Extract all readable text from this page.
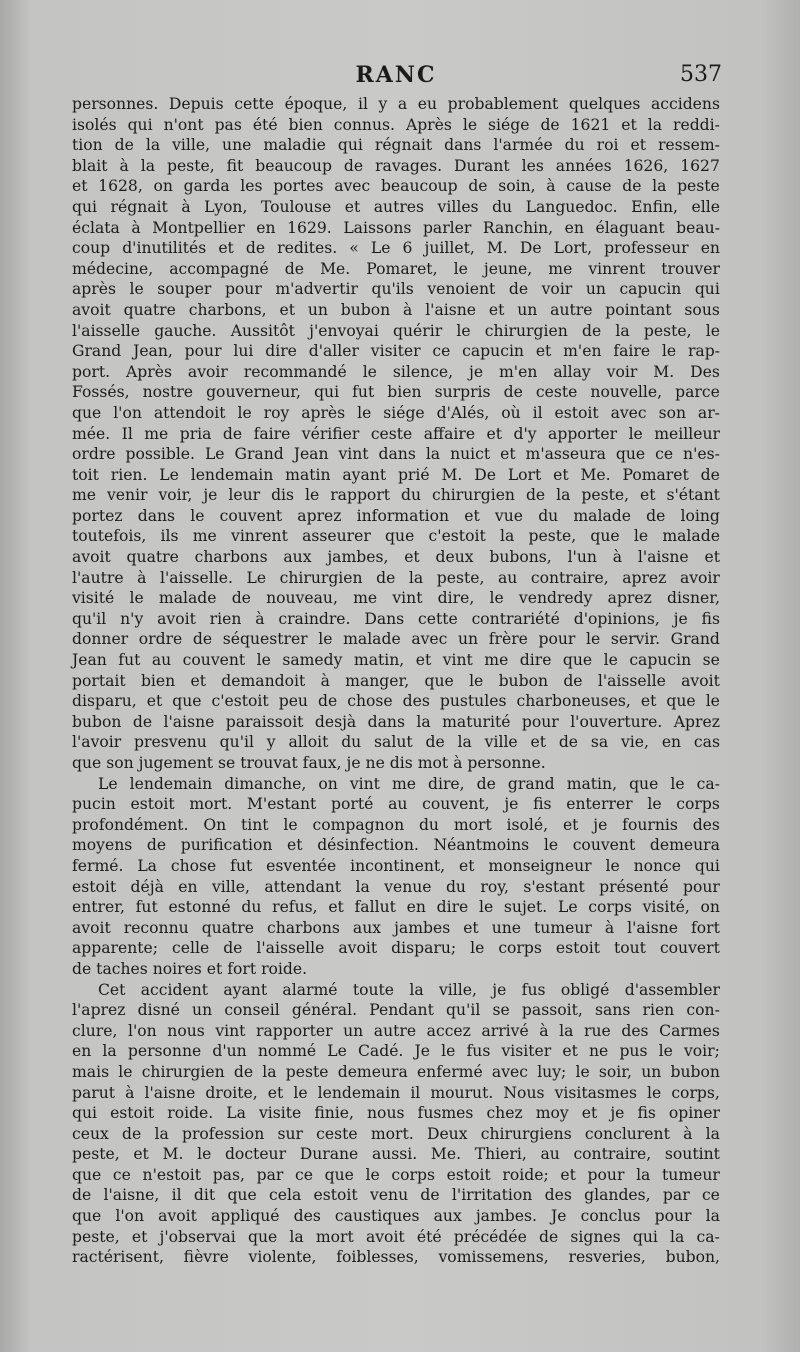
RANC	537
personnes. Depuis cette époque, il y a eu probablement quelques accidens
isolés qui n'ont pas été bien connus. Après le siége de 1621 et la reddi-
tion de la ville, une maladie qui régnait dans l'armée du roi et ressem-
blait à la peste, fit beaucoup de ravages. Durant les années 1626, 1627
et 1628, on garda les portes avec beaucoup de soin, à cause de la peste
qui régnait à Lyon, Toulouse et autres villes du Languedoc. Enfin, elle
éclata à Montpellier en 1629. Laissons parler Ranchin, en élaguant beau-
coup d'inutilités et de redites. « Le 6 juillet, M. De Lort, professeur en
médecine, accompagné de Me. Pomaret, le jeune, me vinrent trouver
après le souper pour m'advertir qu'ils venoient de voir un capucin qui
avoit quatre charbons, et un bubon à l'aisne et un autre pointant sous
l'aisselle gauche. Aussitôt j'envoyai quérir le chirurgien de la peste, le
Grand Jean, pour lui dire d'aller visiter ce capucin et m'en faire le rap-
port. Après avoir recommandé le silence, je m'en allay voir M. Des
Fossés, nostre gouverneur, qui fut bien surpris de ceste nouvelle, parce
que l'on attendoit le roy après le siége d'Alés, où il estoit avec son ar-
mée. Il me pria de faire vérifier ceste affaire et d'y apporter le meilleur
ordre possible. Le Grand Jean vint dans la nuict et m'asseura que ce n'es-
toit rien. Le lendemain matin ayant prié M. De Lort et Me. Pomaret de
me venir voir, je leur dis le rapport du chirurgien de la peste, et s'étant
portez dans le couvent aprez information et vue du malade de loing
toutefois, ils me vinrent asseurer que c'estoit la peste, que le malade
avoit quatre charbons aux jambes, et deux bubons, l'un à l'aisne et
l'autre à l'aisselle. Le chirurgien de la peste, au contraire, aprez avoir
visité le malade de nouveau, me vint dire, le vendredy aprez disner,
qu'il n'y avoit rien à craindre. Dans cette contrariété d'opinions, je fis
donner ordre de séquestrer le malade avec un frère pour le servir. Grand
Jean fut au couvent le samedy matin, et vint me dire que le capucin se
portait bien et demandoit à manger, que le bubon de l'aisselle avoit
disparu, et que c'estoit peu de chose des pustules charboneuses, et que le
bubon de l'aisne paraissoit desjà dans la maturité pour l'ouverture. Aprez
l'avoir presvenu qu'il y alloit du salut de la ville et de sa vie, en cas
que son jugement se trouvat faux, je ne dis mot à personne.
Le lendemain dimanche, on vint me dire, de grand matin, que le ca-
pucin estoit mort. M'estant porté au couvent, je fis enterrer le corps
profondément. On tint le compagnon du mort isolé, et je fournis des
moyens de purification et désinfection. Néantmoins le couvent demeura
fermé. La chose fut esventée incontinent, et monseigneur le nonce qui
estoit déjà en ville, attendant la venue du roy, s'estant présenté pour
entrer, fut estonné du refus, et fallut en dire le sujet. Le corps visité, on
avoit reconnu quatre charbons aux jambes et une tumeur à l'aisne fort
apparente; celle de l'aisselle avoit disparu; le corps estoit tout couvert
de taches noires et fort roide.
Cet accident ayant alarmé toute la ville, je fus obligé d'assembler
l'aprez disné un conseil général. Pendant qu'il se passoit, sans rien con-
clure, l'on nous vint rapporter un autre accez arrivé à la rue des Carmes
en la personne d'un nommé Le Cadé. Je le fus visiter et ne pus le voir;
mais le chirurgien de la peste demeura enfermé avec luy; le soir, un bubon
parut à l'aisne droite, et le lendemain il mourut. Nous visitasmes le corps,
qui estoit roide. La visite finie, nous fusmes chez moy et je fis opiner
ceux de la profession sur ceste mort. Deux chirurgiens conclurent à la
peste, et M. le docteur Durane aussi. Me. Thieri, au contraire, soutint
que ce n'estoit pas, par ce que le corps estoit roide; et pour la tumeur
de l'aisne, il dit que cela estoit venu de l'irritation des glandes, par ce
que l'on avoit appliqué des caustiques aux jambes. Je conclus pour la
peste, et j'observai que la mort avoit été précédée de signes qui la ca-
ractérisent, fièvre violente, foiblesses, vomissemens, resveries, bubon,
